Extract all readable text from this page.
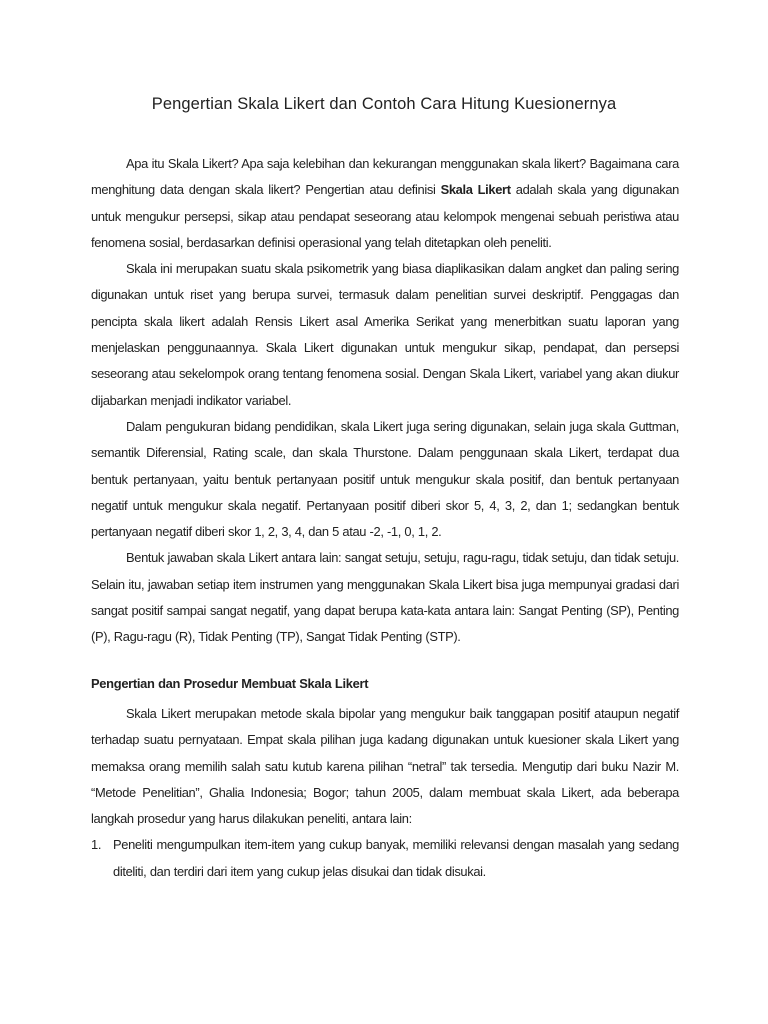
Pengertian Skala Likert dan Contoh Cara Hitung Kuesionernya

Apa itu Skala Likert? Apa saja kelebihan dan kekurangan menggunakan skala likert? Bagaimana cara menghitung data dengan skala likert? Pengertian atau definisi Skala Likert adalah skala yang digunakan untuk mengukur persepsi, sikap atau pendapat seseorang atau kelompok mengenai sebuah peristiwa atau fenomena sosial, berdasarkan definisi operasional yang telah ditetapkan oleh peneliti.

Skala ini merupakan suatu skala psikometrik yang biasa diaplikasikan dalam angket dan paling sering digunakan untuk riset yang berupa survei, termasuk dalam penelitian survei deskriptif. Penggagas dan pencipta skala likert adalah Rensis Likert asal Amerika Serikat yang menerbitkan suatu laporan yang menjelaskan penggunaannya. Skala Likert digunakan untuk mengukur sikap, pendapat, dan persepsi seseorang atau sekelompok orang tentang fenomena sosial. Dengan Skala Likert, variabel yang akan diukur dijabarkan menjadi indikator variabel.

Dalam pengukuran bidang pendidikan, skala Likert juga sering digunakan, selain juga skala Guttman, semantik Diferensial, Rating scale, dan skala Thurstone. Dalam penggunaan skala Likert, terdapat dua bentuk pertanyaan, yaitu bentuk pertanyaan positif untuk mengukur skala positif, dan bentuk pertanyaan negatif untuk mengukur skala negatif. Pertanyaan positif diberi skor 5, 4, 3, 2, dan 1; sedangkan bentuk pertanyaan negatif diberi skor 1, 2, 3, 4, dan 5 atau -2, -1, 0, 1, 2.

Bentuk jawaban skala Likert antara lain: sangat setuju, setuju, ragu-ragu, tidak setuju, dan tidak setuju. Selain itu, jawaban setiap item instrumen yang menggunakan Skala Likert bisa juga mempunyai gradasi dari sangat positif sampai sangat negatif, yang dapat berupa kata-kata antara lain: Sangat Penting (SP), Penting (P), Ragu-ragu (R), Tidak Penting (TP), Sangat Tidak Penting (STP).

Pengertian dan Prosedur Membuat Skala Likert

Skala Likert merupakan metode skala bipolar yang mengukur baik tanggapan positif ataupun negatif terhadap suatu pernyataan. Empat skala pilihan juga kadang digunakan untuk kuesioner skala Likert yang memaksa orang memilih salah satu kutub karena pilihan “netral” tak tersedia. Mengutip dari buku Nazir M. “Metode Penelitian”, Ghalia Indonesia; Bogor; tahun 2005, dalam membuat skala Likert, ada beberapa langkah prosedur yang harus dilakukan peneliti, antara lain:

1. Peneliti mengumpulkan item-item yang cukup banyak, memiliki relevansi dengan masalah yang sedang diteliti, dan terdiri dari item yang cukup jelas disukai dan tidak disukai.
